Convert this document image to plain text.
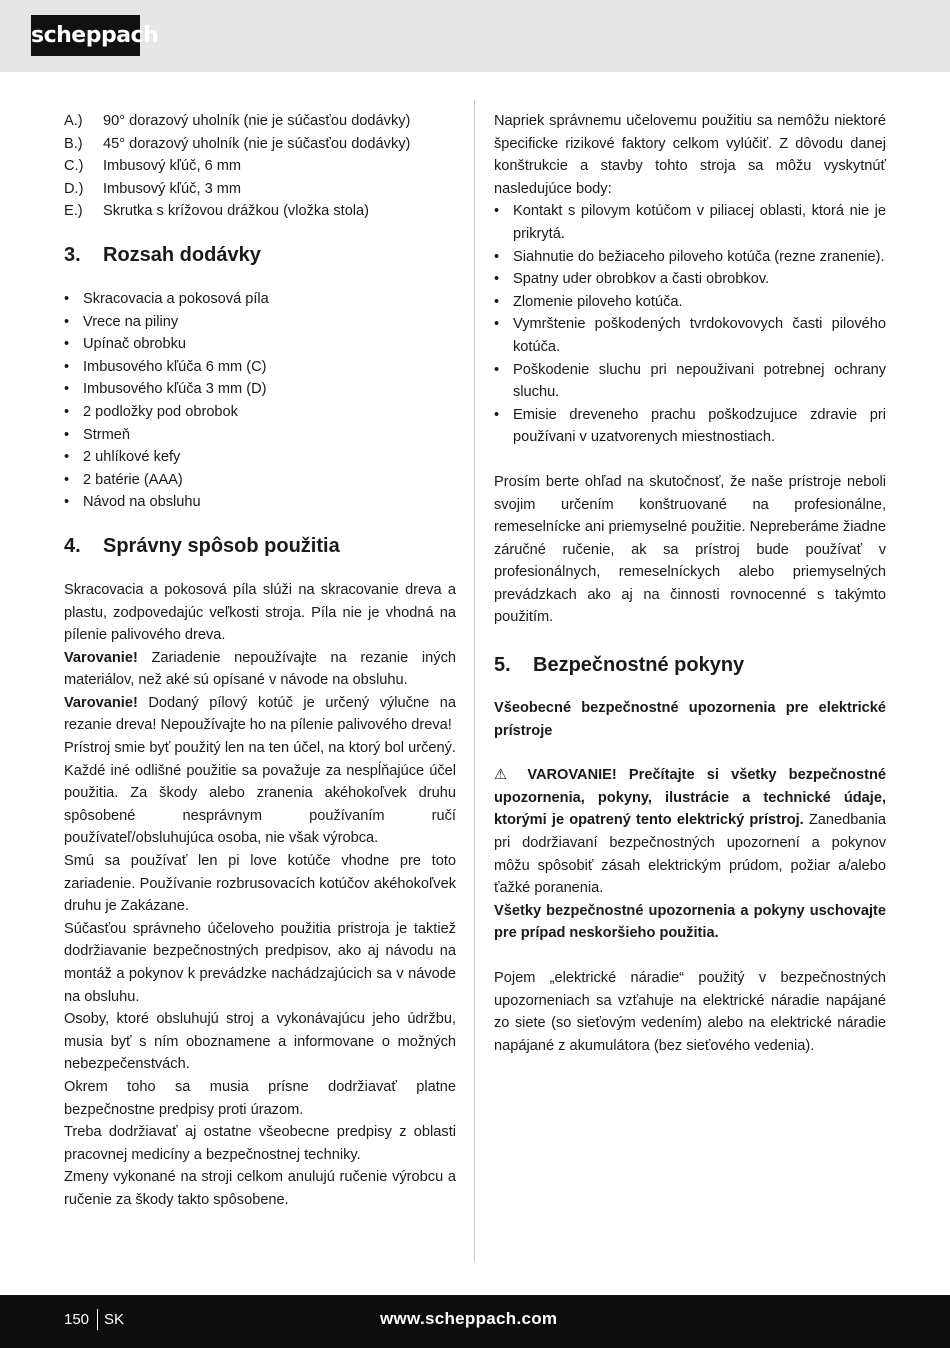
scheppach
A.)	90° dorazový uholník (nie je súčasťou dodávky)
B.)	45° dorazový uholník (nie je súčasťou dodávky)
C.)	Imbusový kľúč, 6 mm
D.)	Imbusový kľúč, 3 mm
E.)	Skrutka s krížovou drážkou (vložka stola)
3.	Rozsah dodávky
• Skracovacia a pokosová píla
• Vrece na piliny
• Upínač obrobku
• Imbusového kľúča 6 mm (C)
• Imbusového kľúča 3 mm (D)
• 2 podložky pod obrobok
• Strmeň
• 2 uhlíkové kefy
• 2 batérie (AAA)
• Návod na obsluhu
4.	Správny spôsob použitia

Skracovacia a pokosová píla slúži na skracovanie dreva a plastu, zodpovedajúc veľkosti stroja. Píla nie je vhodná na pílenie palivového dreva.

Varovanie! Zariadenie nepoužívajte na rezanie iných materiálov, než aké sú opísané v návode na obsluhu.

Varovanie! Dodaný pílový kotúč je určený výlučne na rezanie dreva! Nepoužívajte ho na pílenie palivového dreva!

Prístroj smie byť použitý len na ten účel, na ktorý bol určený. Každé iné odlišné použitie sa považuje za nespĺňajúce účel použitia. Za škody alebo zranenia akéhokoľvek druhu spôsobené nesprávnym používaním ručí používateľ/obsluhujúca osoba, nie však výrobca.

Smú sa používať len pi love kotúče vhodne pre toto zariadenie. Používanie rozbrusovacích kotúčov akéhokoľvek druhu je Zakázane.

Súčasťou správneho účeloveho použitia pristroja je taktiež dodržiavanie bezpečnostných predpisov, ako aj návodu na montáž a pokynov k prevádzke nachádzajúcich sa v návode na obsluhu.

Osoby, ktoré obsluhujú stroj a vykonávajúcu jeho údržbu, musia byť s ním oboznamene a informovane o možných nebezpečenstvách.

Okrem toho sa musia prísne dodržiavať platne bezpečnostne predpisy proti úrazom.

Treba dodržiavať aj ostatne všeobecne predpisy z oblasti pracovnej medicíny a bezpečnostnej techniky.

Zmeny vykonané na stroji celkom anulujú ručenie výrobcu a ručenie za škody takto spôsobene.

Napriek správnemu učelovemu použitiu sa nemôžu niektoré špecificke rizikové faktory celkom vylúčiť. Z dôvodu danej konštrukcie a stavby tohto stroja sa môžu vyskytnúť nasledujúce body:

• Kontakt s pilovym kotúčom v piliacej oblasti, ktorá nie je prikrytá.
• Siahnutie do bežiaceho piloveho kotúča (rezne zranenie).
• Spatny uder obrobkov a časti obrobkov.
• Zlomenie piloveho kotúča.
• Vymrštenie poškodených tvrdokovovych časti pilového kotúča.
• Poškodenie sluchu pri nepouživani potrebnej ochrany sluchu.
• Emisie dreveneho prachu poškodzujuce zdravie pri používani v uzatvorenych miestnostiach.

Prosím berte ohľad na skutočnosť, že naše prístroje neboli svojim určením konštruované na profesionálne, remeselnícke ani priemyselné použitie. Nepreberáme žiadne záručné ručenie, ak sa prístroj bude používať v profesionálnych, remeselníckych alebo priemyselných prevádzkach ako aj na činnosti rovnocenné s takýmto použitím.

5.	Bezpečnostné pokyny

Všeobecné bezpečnostné upozornenia pre elektrické prístroje

⚠ VAROVANIE! Prečítajte si všetky bezpečnostné upozornenia, pokyny, ilustrácie a technické údaje, ktorými je opatrený tento elektrický prístroj. Zanedbania pri dodržiavaní bezpečnostných upozornení a pokynov môžu spôsobiť zásah elektrickým prúdom, požiar a/alebo ťažké poranenia.

Všetky bezpečnostné upozornenia a pokyny uschovajte pre prípad neskoršieho použitia.

Pojem „elektrické náradie“ použitý v bezpečnostných upozorneniach sa vzťahuje na elektrické náradie napájané zo siete (so sieťovým vedením) alebo na elektrické náradie napájané z akumulátora (bez sieťového vedenia).

150 SK	www.scheppach.com
